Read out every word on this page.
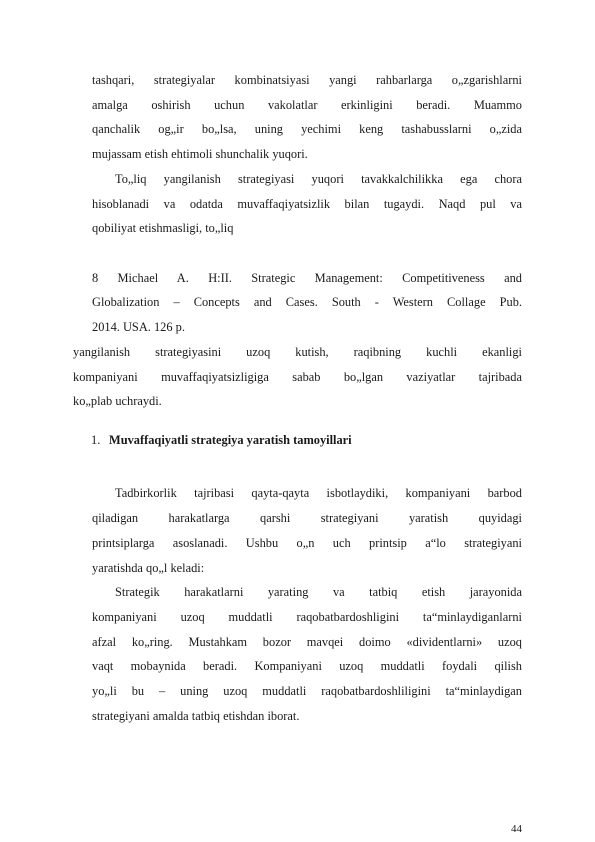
tashqari, strategiyalar kombinatsiyasi yangi rahbarlarga o„zgarishlarni
amalga oshirish uchun vakolatlar erkinligini beradi. Muammo
qanchalik og„ir bo„lsa, uning yechimi keng tashabusslarni o„zida
mujassam etish ehtimoli shunchalik yuqori.
To„liq yangilanish strategiyasi yuqori tavakkalchilikka ega chora
hisoblanadi va odatda muvaffaqiyatsizlik bilan tugaydi. Naqd pul va
qobiliyat etishmasligi, to„liq
8 Michael A. H:II. Strategic Management: Competitiveness and
Globalization – Concepts and Cases. South - Western Collage Pub.
2014. USA. 126 p.
yangilanish strategiyasini uzoq kutish, raqibning kuchli ekanligi
kompaniyani muvaffaqiyatsizligiga sabab bo„lgan vaziyatlar tajribada
ko„plab uchraydi.
1. Muvaffaqiyatli strategiya yaratish tamoyillari
Tadbirkorlik tajribasi qayta-qayta isbotlaydiki, kompaniyani barbod
qiladigan harakatlarga qarshi strategiyani yaratish quyidagi
printsiplarga asoslanadi. Ushbu o„n uch printsip a“lo strategiyani
yaratishda qo„l keladi:
Strategik harakatlarni yarating va tatbiq etish jarayonida
kompaniyani uzoq muddatli raqobatbardoshligini ta“minlaydiganlarni
afzal ko„ring. Mustahkam bozor mavqei doimo «dividentlarni» uzoq
vaqt mobaynida beradi. Kompaniyani uzoq muddatli foydali qilish
yo„li bu – uning uzoq muddatli raqobatbardoshliligini ta“minlaydigan
strategiyani amalda tatbiq etishdan iborat.
44
